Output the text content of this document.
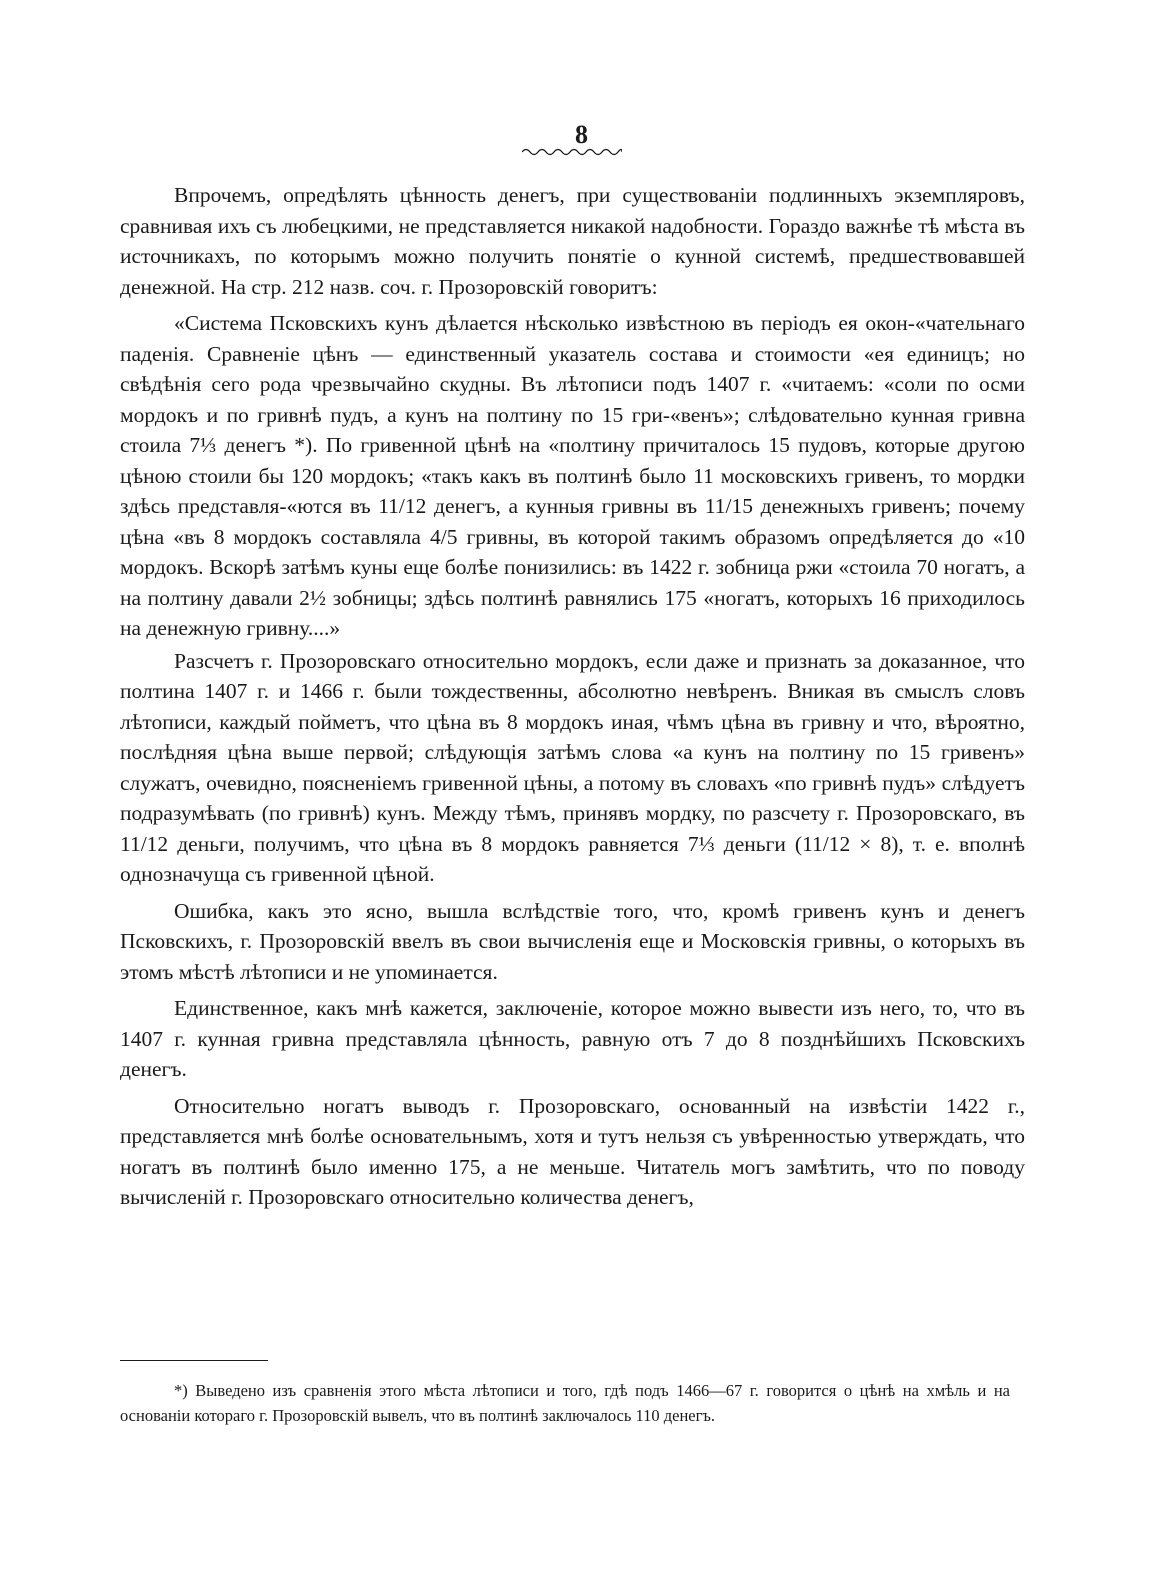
8

Впрочемъ, опредѣлять цѣнность денегъ, при существованіи подлинныхъ экземпляровъ, сравнивая ихъ съ любецкими, не представляется никакой надобности. Гораздо важнѣе тѣ мѣста въ источникахъ, по которымъ можно получить понятіе о кунной системѣ, предшествовавшей денежной. На стр. 212 назв. соч. г. Прозоровскій говоритъ:

«Система Псковскихъ кунъ дѣлается нѣсколько извѣстною въ періодъ ея окон-«чательнаго паденія. Сравненіе цѣнъ — единственный указатель состава и стоимости «ея единицъ; но свѣдѣнія сего рода чрезвычайно скудны. Въ лѣтописи подъ 1407 г. «читаемъ: «соли по осми мордокъ и по гривнѣ пудъ, а кунъ на полтину по 15 гри-«венъ»; слѣдовательно кунная гривна стоила 7⅓ денегъ *). По гривенной цѣнѣ на «полтину причиталось 15 пудовъ, которые другою цѣною стоили бы 120 мордокъ; «такъ какъ въ полтинѣ было 11 московскихъ гривенъ, то мордки здѣсь представля-«ются въ 11/12 денегъ, а кунныя гривны въ 11/15 денежныхъ гривенъ; почему цѣна «въ 8 мордокъ составляла 4/5 гривны, въ которой такимъ образомъ опредѣляется до «10 мордокъ. Вскорѣ затѣмъ куны еще болѣе понизились: въ 1422 г. зобница ржи «стоила 70 ногатъ, а на полтину давали 2½ зобницы; здѣсь полтинѣ равнялись 175 «ногатъ, которыхъ 16 приходилось на денежную гривну....»

Разсчетъ г. Прозоровскаго относительно мордокъ, если даже и признать за доказанное, что полтина 1407 г. и 1466 г. были тождественны, абсолютно невѣренъ. Вникая въ смыслъ словъ лѣтописи, каждый пойметъ, что цѣна въ 8 мордокъ иная, чѣмъ цѣна въ гривну и что, вѣроятно, послѣдняя цѣна выше первой; слѣдующія затѣмъ слова «а кунъ на полтину по 15 гривенъ» служатъ, очевидно, поясненіемъ гривенной цѣны, а потому въ словахъ «по гривнѣ пудъ» слѣдуетъ подразумѣвать (по гривнѣ) кунъ. Между тѣмъ, принявъ мордку, по разсчету г. Прозоровскаго, въ 11/12 деньги, получимъ, что цѣна въ 8 мордокъ равняется 7⅓ деньги (11/12 × 8), т. е. вполнѣ однозначуща съ гривенной цѣной.

Ошибка, какъ это ясно, вышла вслѣдствіе того, что, кромѣ гривенъ кунъ и денегъ Псковскихъ, г. Прозоровскій ввелъ въ свои вычисленія еще и Московскія гривны, о которыхъ въ этомъ мѣстѣ лѣтописи и не упоминается.

Единственное, какъ мнѣ кажется, заключеніе, которое можно вывести изъ него, то, что въ 1407 г. кунная гривна представляла цѣнность, равную отъ 7 до 8 позднѣйшихъ Псковскихъ денегъ.

Относительно ногатъ выводъ г. Прозоровскаго, основанный на извѣстіи 1422 г., представляется мнѣ болѣе основательнымъ, хотя и тутъ нельзя съ увѣренностью утверждать, что ногатъ въ полтинѣ было именно 175, а не меньше. Читатель могъ замѣтить, что по поводу вычисленій г. Прозоровскаго относительно количества денегъ,

*) Выведено изъ сравненія этого мѣста лѣтописи и того, гдѣ подъ 1466—67 г. говорится о цѣнѣ на хмѣль и на основаніи котораго г. Прозоровскій вывелъ, что въ полтинѣ заключалось 110 денегъ.
